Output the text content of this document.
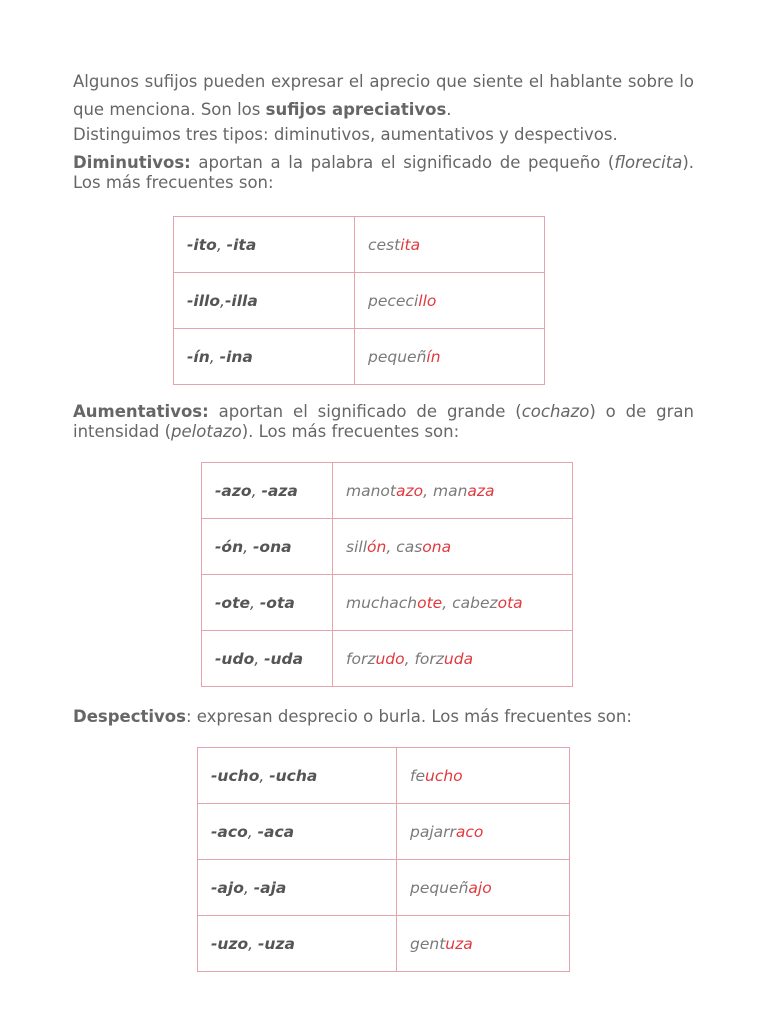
Algunos sufijos pueden expresar el aprecio que siente el hablante sobre lo que menciona. Son los sufijos apreciativos.

Distinguimos tres tipos: diminutivos, aumentativos y despectivos.

Diminutivos: aportan a la palabra el significado de pequeño (florecita). Los más frecuentes son:

-ito, -ita	cestita
-illo,-illa	pececillo
-ín, -ina	pequeñín

Aumentativos: aportan el significado de grande (cochazo) o de gran intensidad (pelotazo). Los más frecuentes son:

-azo, -aza	manotazo, manaza
-ón, -ona	sillón, casona
-ote, -ota	muchachote, cabezota
-udo, -uda	forzudo, forzuda

Despectivos: expresan desprecio o burla. Los más frecuentes son:

-ucho, -ucha	feucho
-aco, -aca	pajarraco
-ajo, -aja	pequeñajo
-uzo, -uza	gentuza
